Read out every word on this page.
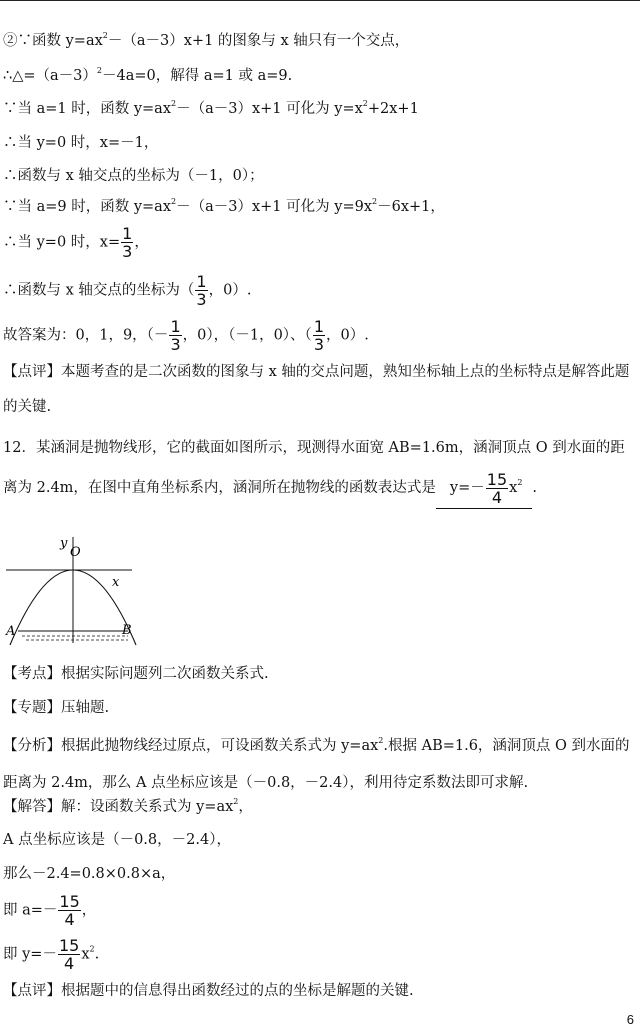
②∵函数 $y=ax^2-(a-3)x+1$ 的图象与 x 轴只有一个交点，
$\therefore\triangle=(a-3)^2-4a=0$，解得 a=1 或 a=9.
∵当 a=1 时，函数 $y=ax^2-(a-3)x+1$ 可化为 $y=x^2+2x+1$
∴当 y=0 时，x=－1，
∴函数与 x 轴交点的坐标为（－1，0）；
∵当 a=9 时，函数 $y=ax^2-(a-3)x+1$ 可化为 $y=9x^2-6x+1$，
∴当 y=0 时，$x= \frac{1}{3}$ ，
∴函数与 x 轴交点的坐标为（ $\frac{1}{3}$ ，0）.
故答案为：0，1，9，（－ $\frac{1}{3}$ ，0），（－1，0）、（ $\frac{1}{3}$ ，0）.
【点评】本题考查的是二次函数的图象与 x 轴的交点问题，熟知坐标轴上点的坐标特点是解答此题的关键.
12．某涵洞是抛物线形，它的截面如图所示，现测得水面宽 AB=1.6m，涵洞顶点 O 到水面的距离为 2.4m，在图中直角坐标系内，涵洞所在抛物线的函数表达式是 $y=- \frac{15}{4} x^2$ .
y
O
x
A	B
【考点】根据实际问题列二次函数关系式.
【专题】压轴题.
【分析】根据此抛物线经过原点，可设函数关系式为 $y=ax^2$.根据 AB=1.6，涵洞顶点 O 到水面的距离为 2.4m，那么 A 点坐标应该是（－0.8，－2.4），利用待定系数法即可求解.
【解答】解：设函数关系式为 $y=ax^2$，
A 点坐标应该是（－0.8，－2.4），
那么－2.4=0.8×0.8×a，
即 $a=- \frac{15}{4}$ ，
即 $y=- \frac{15}{4} x^2$.
【点评】根据题中的信息得出函数经过的点的坐标是解题的关键.
6
